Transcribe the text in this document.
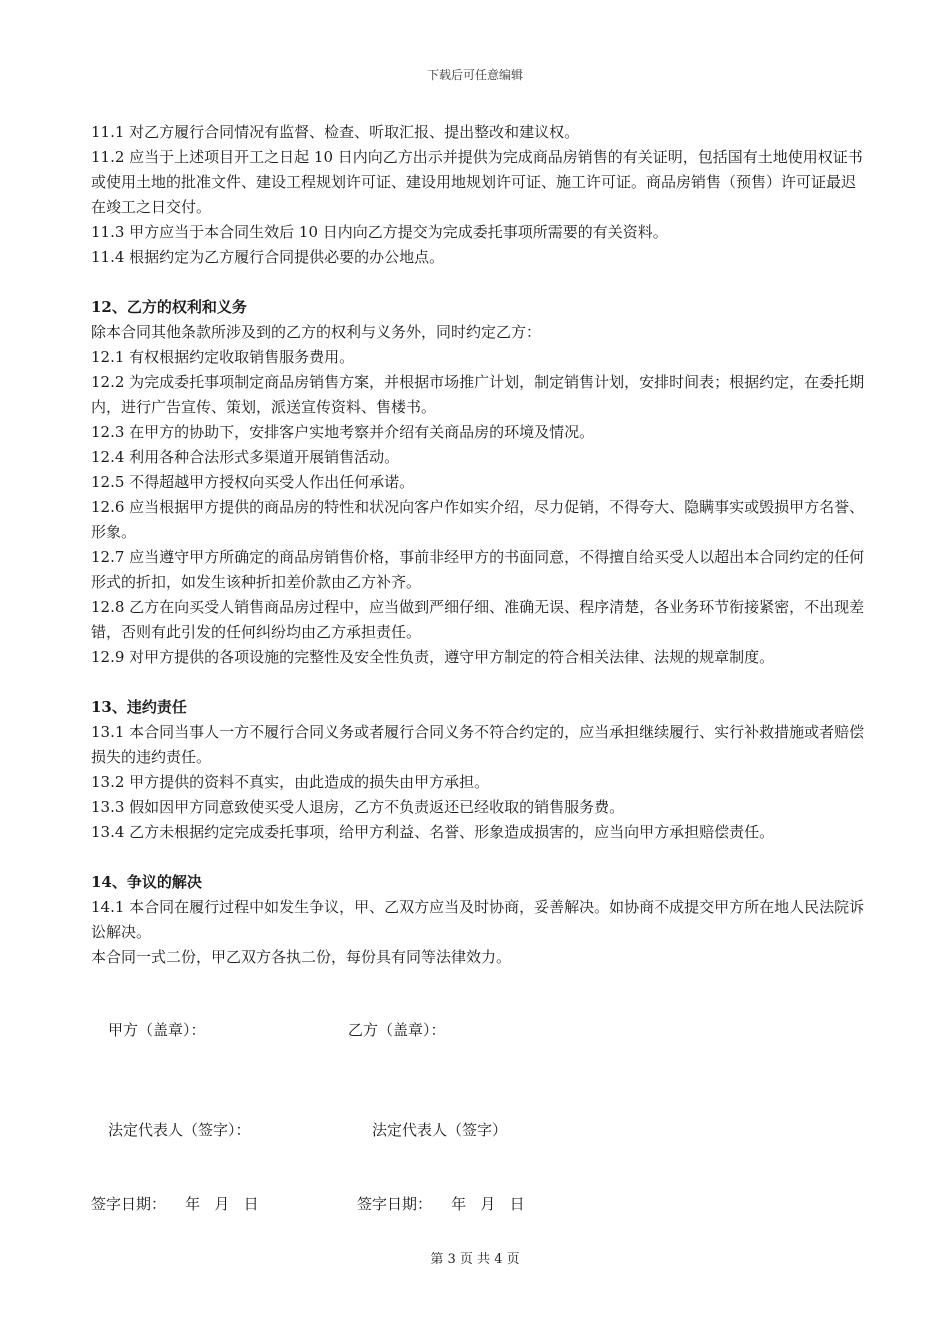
下载后可任意编辑

11.1 对乙方履行合同情况有监督、检查、听取汇报、提出整改和建议权。

11.2 应当于上述项目开工之日起 10 日内向乙方出示并提供为完成商品房销售的有关证明，包括国有土地使用权证书或使用土地的批准文件、建设工程规划许可证、建设用地规划许可证、施工许可证。商品房销售（预售）许可证最迟在竣工之日交付。

11.3 甲方应当于本合同生效后 10 日内向乙方提交为完成委托事项所需要的有关资料。

11.4 根据约定为乙方履行合同提供必要的办公地点。

12、乙方的权利和义务

除本合同其他条款所涉及到的乙方的权利与义务外，同时约定乙方：

12.1 有权根据约定收取销售服务费用。

12.2 为完成委托事项制定商品房销售方案，并根据市场推广计划，制定销售计划，安排时间表；根据约定，在委托期内，进行广告宣传、策划，派送宣传资料、售楼书。

12.3 在甲方的协助下，安排客户实地考察并介绍有关商品房的环境及情况。

12.4 利用各种合法形式多渠道开展销售活动。

12.5 不得超越甲方授权向买受人作出任何承诺。

12.6 应当根据甲方提供的商品房的特性和状况向客户作如实介绍，尽力促销，不得夸大、隐瞒事实或毁损甲方名誉、形象。

12.7 应当遵守甲方所确定的商品房销售价格，事前非经甲方的书面同意，不得擅自给买受人以超出本合同约定的任何形式的折扣，如发生该种折扣差价款由乙方补齐。

12.8 乙方在向买受人销售商品房过程中，应当做到严细仔细、准确无误、程序清楚，各业务环节衔接紧密，不出现差错，否则有此引发的任何纠纷均由乙方承担责任。

12.9 对甲方提供的各项设施的完整性及安全性负责，遵守甲方制定的符合相关法律、法规的规章制度。

13、违约责任

13.1 本合同当事人一方不履行合同义务或者履行合同义务不符合约定的，应当承担继续履行、实行补救措施或者赔偿损失的违约责任。

13.2 甲方提供的资料不真实，由此造成的损失由甲方承担。

13.3 假如因甲方同意致使买受人退房，乙方不负责返还已经收取的销售服务费。

13.4 乙方未根据约定完成委托事项，给甲方利益、名誉、形象造成损害的，应当向甲方承担赔偿责任。

14、争议的解决

14.1 本合同在履行过程中如发生争议，甲、乙双方应当及时协商，妥善解决。如协商不成提交甲方所在地人民法院诉讼解决。

本合同一式二份，甲乙双方各执二份，每份具有同等法律效力。

甲方（盖章）：	乙方（盖章）：
法定代表人（签字）：	法定代表人（签字）
签字日期：    年   月   日	签字日期：    年   月   日
第 3 页 共 4 页
